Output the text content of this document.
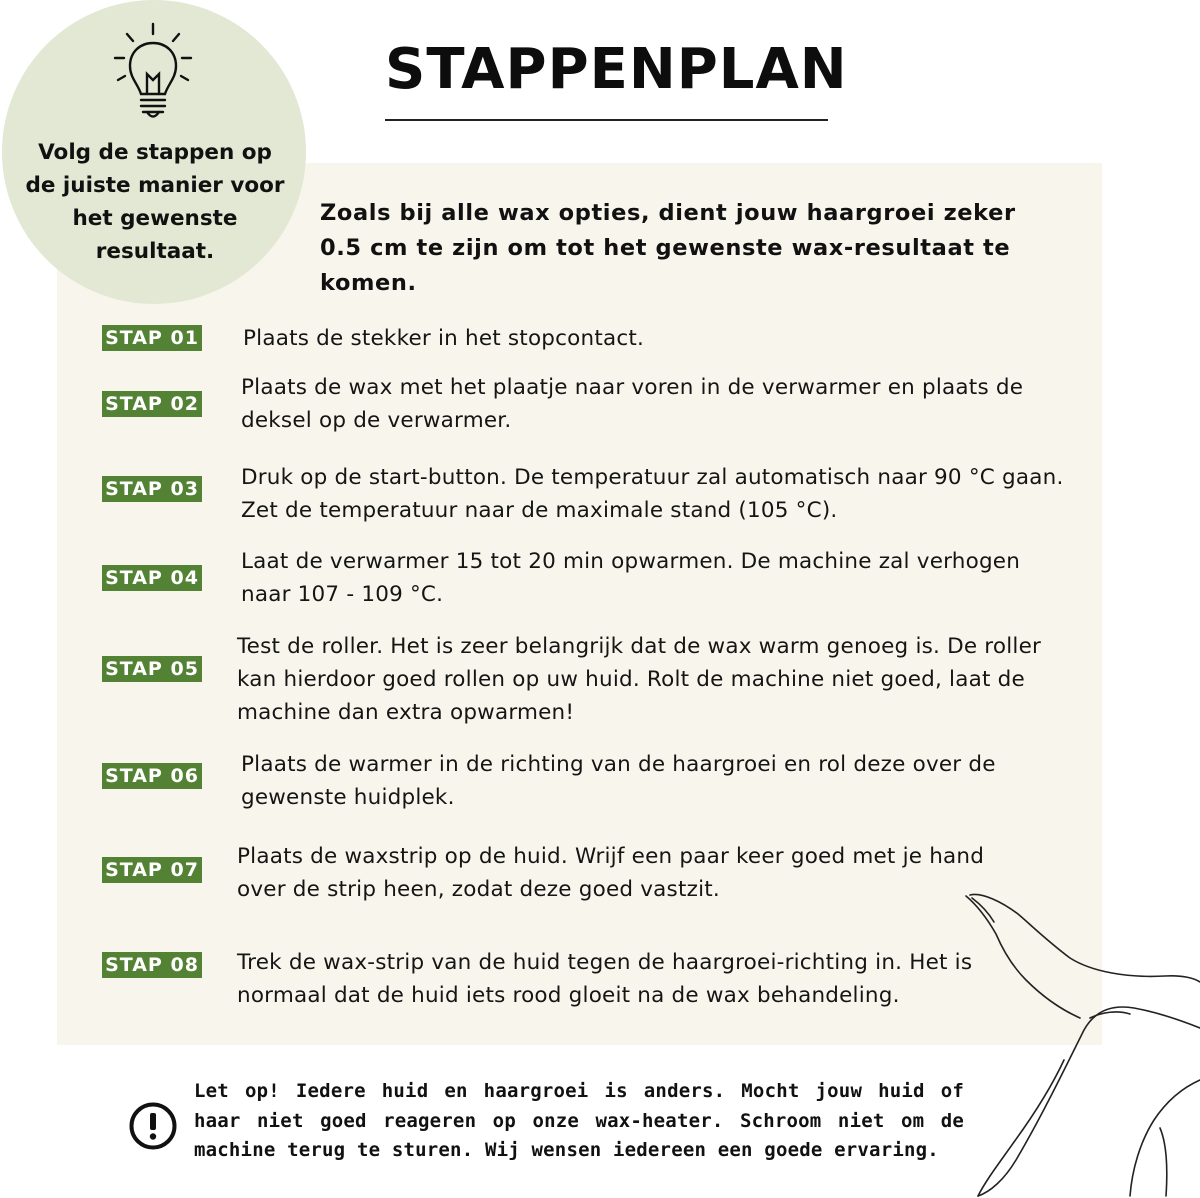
Volg de stappen op de juiste manier voor het gewenste resultaat.
STAPPENPLAN
Zoals bij alle wax opties, dient jouw haargroei zeker 0.5 cm te zijn om tot het gewenste wax-resultaat te komen.
STAP 01 Plaats de stekker in het stopcontact.
STAP 02
Plaats de wax met het plaatje naar voren in de verwarmer en plaats de deksel op de verwarmer.
STAP 03 Druk op de start-button. De temperatuur zal automatisch naar 90 °C gaan. Zet de temperatuur naar de maximale stand (105 °C).
STAP 04
Laat de verwarmer 15 tot 20 min opwarmen. De machine zal verhogen naar 107 - 109 °C.
STAP 05
Test de roller. Het is zeer belangrijk dat de wax warm genoeg is. De roller kan hierdoor goed rollen op uw huid. Rolt de machine niet goed, laat de machine dan extra opwarmen!
STAP 06 Plaats de warmer in de richting van de haargroei en rol deze over de gewenste huidplek.
STAP 07
Plaats de waxstrip op de huid. Wrijf een paar keer goed met je hand over de strip heen, zodat deze goed vastzit.
STAP 08 Trek de wax-strip van de huid tegen de haargroei-richting in. Het is normaal dat de huid iets rood gloeit na de wax behandeling.
Let op! Iedere huid en haargroei is anders. Mocht jouw huid of haar niet goed reageren op onze wax-heater. Schroom niet om de machine terug te sturen. Wij wensen iedereen een goede ervaring.
